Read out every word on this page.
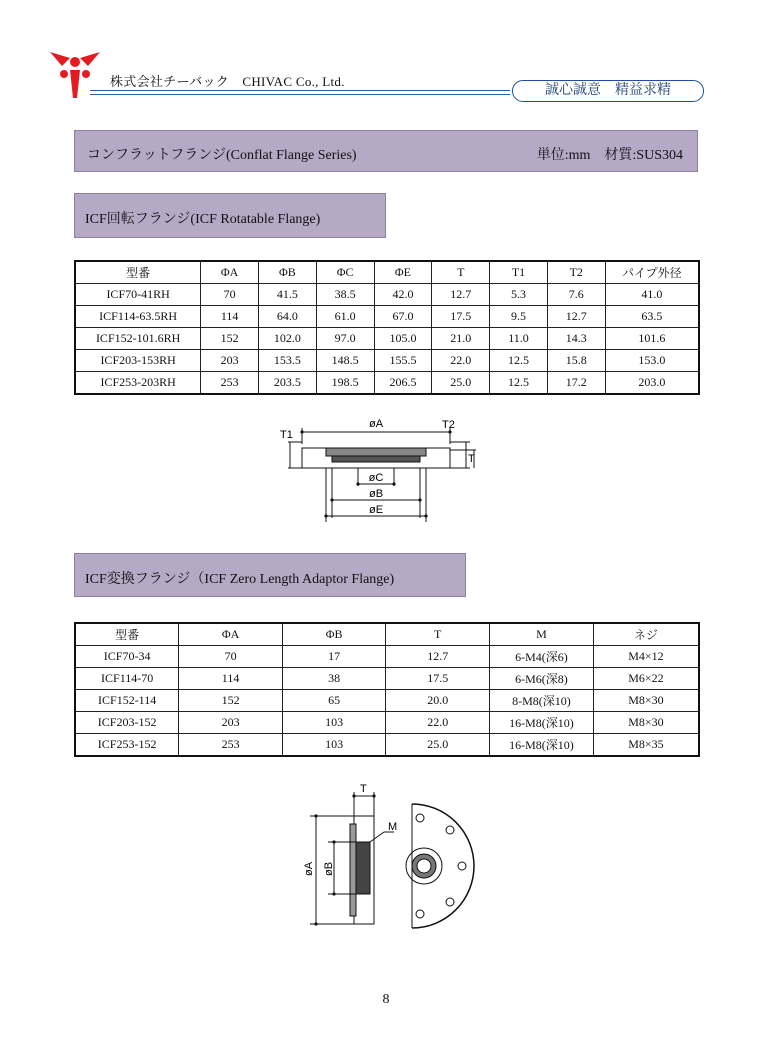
株式会社チーバック　CHIVAC Co., Ltd.
誠心誠意　精益求精
コンフラットフランジ(Conflat Flange Series)	単位:mm　材質:SUS304
ICF回転フランジ(ICF Rotatable Flange)
型番	ΦA	ΦB	ΦC	ΦE	T	T1	T2	パイプ外径
ICF70-41RH	70	41.5	38.5	42.0	12.7	5.3	7.6	41.0
ICF114-63.5RH	114	64.0	61.0	67.0	17.5	9.5	12.7	63.5
ICF152-101.6RH	152	102.0	97.0	105.0	21.0	11.0	14.3	101.6
ICF203-153RH	203	153.5	148.5	155.5	22.0	12.5	15.8	153.0
ICF253-203RH	253	203.5	198.5	206.5	25.0	12.5	17.2	203.0
øA
T1
T2
T
øC
øB
øE
ICF変換フランジ（ICF Zero Length Adaptor Flange)
型番	ΦA	ΦB	T	M	ネジ
ICF70-34	70	17	12.7	6-M4(深6)	M4×12
ICF114-70	114	38	17.5	6-M6(深8)	M6×22
ICF152-114	152	65	20.0	8-M8(深10)	M8×30
ICF203-152	203	103	22.0	16-M8(深10)	M8×30
ICF253-152	253	103	25.0	16-M8(深10)	M8×35
T
M
øA øB
8
